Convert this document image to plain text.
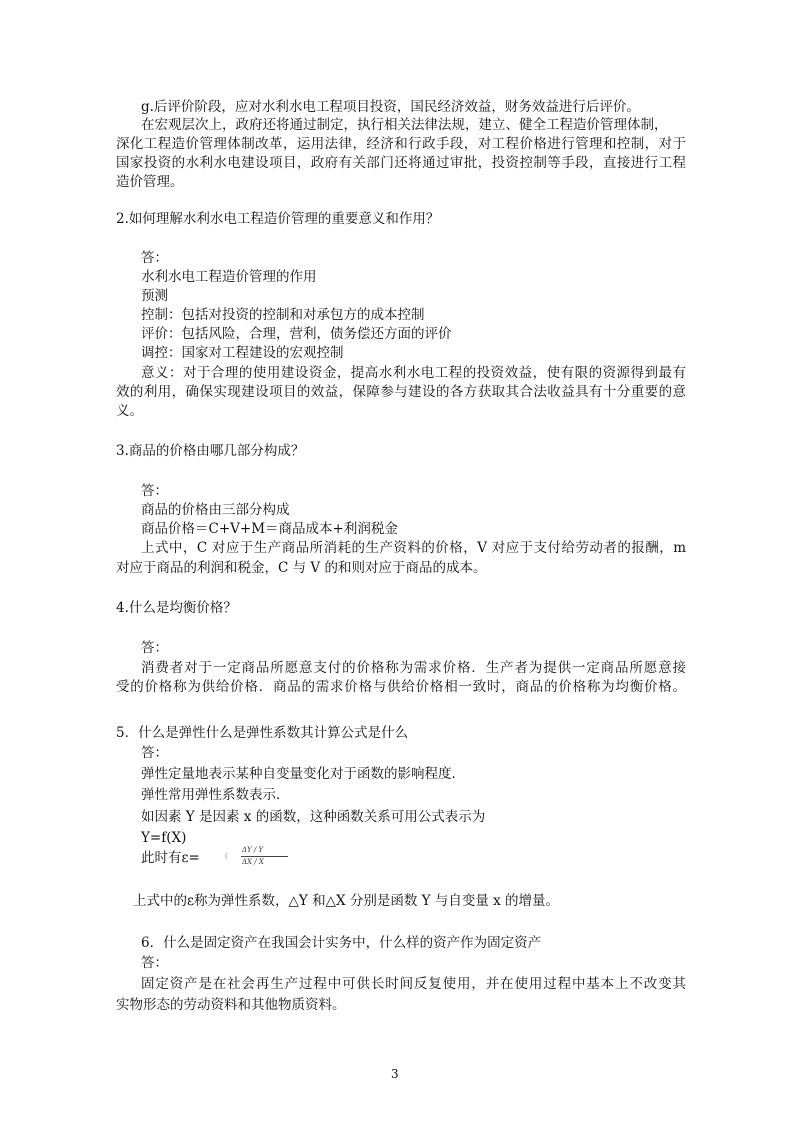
g.后评价阶段，应对水利水电工程项目投资，国民经济效益，财务效益进行后评价。
在宏观层次上，政府还将通过制定，执行相关法律法规，建立、健全工程造价管理体制，
深化工程造价管理体制改革，运用法律，经济和行政手段，对工程价格进行管理和控制，对于
国家投资的水利水电建设项目，政府有关部门还将通过审批，投资控制等手段，直接进行工程
造价管理。
2.如何理解水利水电工程造价管理的重要意义和作用？
答：
水利水电工程造价管理的作用
预测
控制：包括对投资的控制和对承包方的成本控制
评价：包括风险，合理，营利，债务偿还方面的评价
调控：国家对工程建设的宏观控制
意义：对于合理的使用建设资金，提高水利水电工程的投资效益，使有限的资源得到最有
效的利用，确保实现建设项目的效益，保障参与建设的各方获取其合法收益具有十分重要的意
义。
3.商品的价格由哪几部分构成？
答：
商品的价格由三部分构成
商品价格＝C+V+M＝商品成本+利润税金
上式中，C 对应于生产商品所消耗的生产资料的价格，V 对应于支付给劳动者的报酬，m
对应于商品的利润和税金，C 与 V 的和则对应于商品的成本。
4.什么是均衡价格？
答：
消费者对于一定商品所愿意支付的价格称为需求价格．生产者为提供一定商品所愿意接
受的价格称为供给价格．商品的需求价格与供给价格相一致时，商品的价格称为均衡价格。
5．什么是弹性什么是弹性系数其计算公式是什么
答：
弹性定量地表示某种自变量变化对于函数的影响程度．
弹性常用弹性系数表示．
如因素 Y 是因素 x 的函数，这种函数关系可用公式表示为
Y=f(X)
此时有ε=	(
ΔY / Y
ΔX / X
上式中的ε称为弹性系数，△Y 和△X 分别是函数 Y 与自变量 x 的增量。
6．什么是固定资产在我国会计实务中，什么样的资产作为固定资产
答：
固定资产是在社会再生产过程中可供长时间反复使用，并在使用过程中基本上不改变其
实物形态的劳动资料和其他物质资料。
3
